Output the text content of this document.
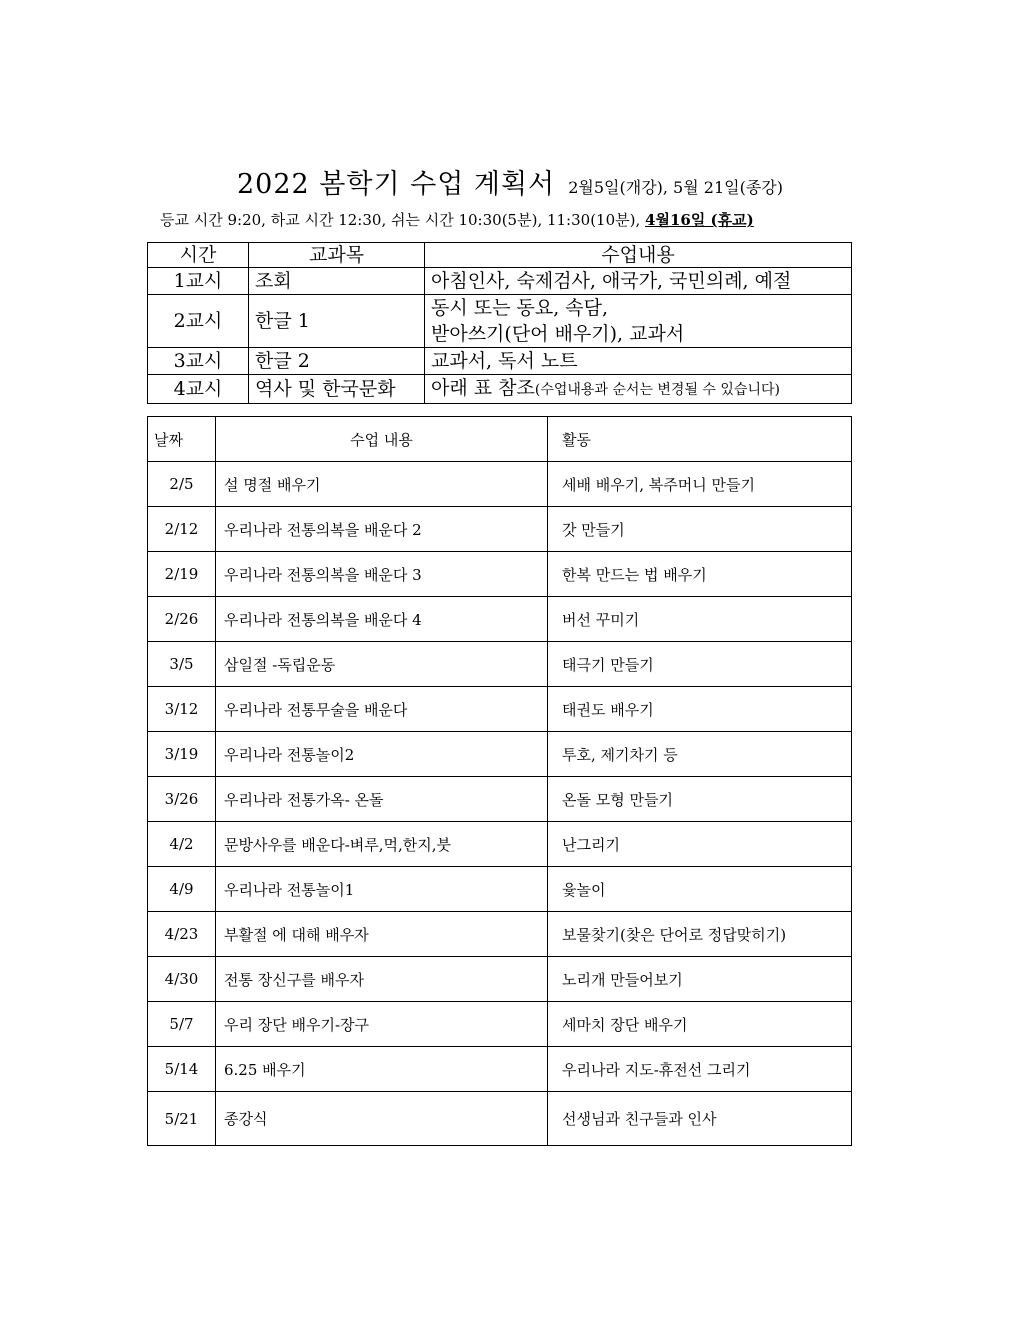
2022 봄학기 수업 계획서 2월5일(개강), 5월 21일(종강)
등교 시간 9:20, 하교 시간 12:30, 쉬는 시간 10:30(5분), 11:30(10분), 4월16일 (휴교)
시간	교과목	수업내용
1교시	조회	아침인사, 숙제검사, 애국가, 국민의례, 예절
2교시	한글 1	동시 또는 동요, 속담,
받아쓰기(단어 배우기), 교과서

3교시	한글 2	교과서, 독서 노트
4교시	역사 및 한국문화	아래 표 참조(수업내용과 순서는 변경될 수 있습니다)
날짜	수업 내용	활동
2/5	설 명절 배우기	세배 배우기, 복주머니 만들기
2/12	우리나라 전통의복을 배운다 2	갓 만들기
2/19	우리나라 전통의복을 배운다 3	한복 만드는 법 배우기
2/26	우리나라 전통의복을 배운다 4	버선 꾸미기
3/5	삼일절 -독립운동	태극기 만들기
3/12	우리나라 전통무술을 배운다	태권도 배우기
3/19	우리나라 전통놀이2	투호, 제기차기 등
3/26	우리나라 전통가옥- 온돌	온돌 모형 만들기
4/2	문방사우를 배운다-벼루,먹,한지,붓	난그리기
4/9	우리나라 전통놀이1	윷놀이
4/23	부활절 에 대해 배우자	보물찾기(찾은 단어로 정답맞히기)
4/30	전통 장신구를 배우자	노리개 만들어보기
5/7	우리 장단 배우기-장구	세마치 장단 배우기
5/14	6.25 배우기	우리나라 지도-휴전선 그리기
5/21	종강식	선생님과 친구들과 인사
